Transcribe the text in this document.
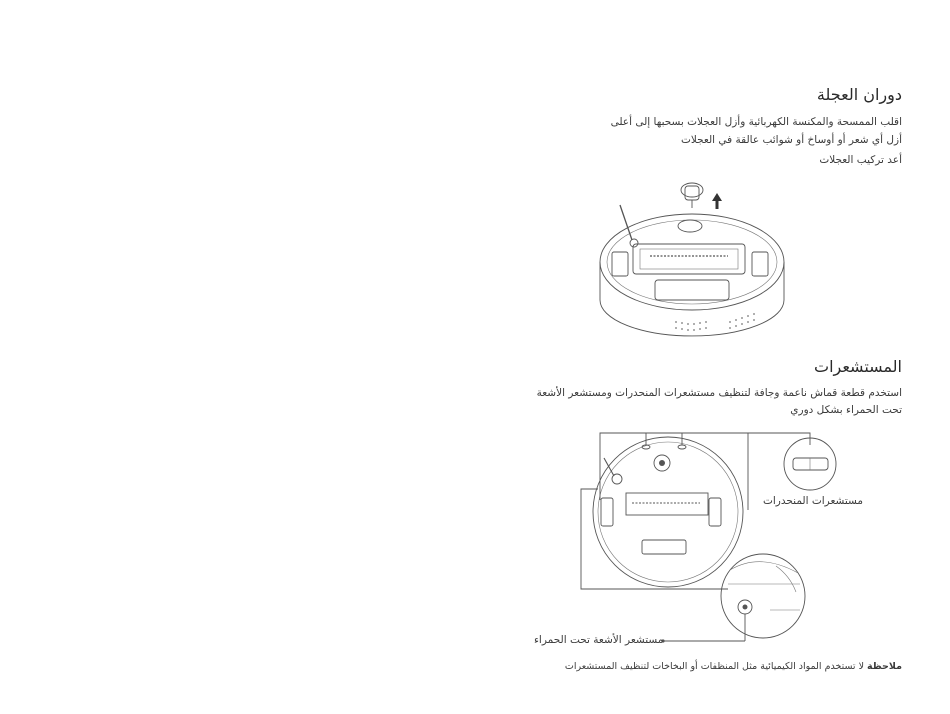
دوران العجلة
اقلب الممسحة والمكنسة الكهربائية وأزل العجلات بسحبها إلى أعلى
أزل أي شعر أو أوساخ أو شوائب عالقة في العجلات
أعد تركيب العجلات
المستشعرات
استخدم قطعة قماش ناعمة وجافة لتنظيف مستشعرات المنحدرات ومستشعر الأشعة تحت الحمراء بشكل دوري
مستشعرات المنحدرات
مستشعر الأشعة تحت الحمراء
ملاحظة لا تستخدم المواد الكيميائية مثل المنظفات أو البخاخات لتنظيف المستشعرات
